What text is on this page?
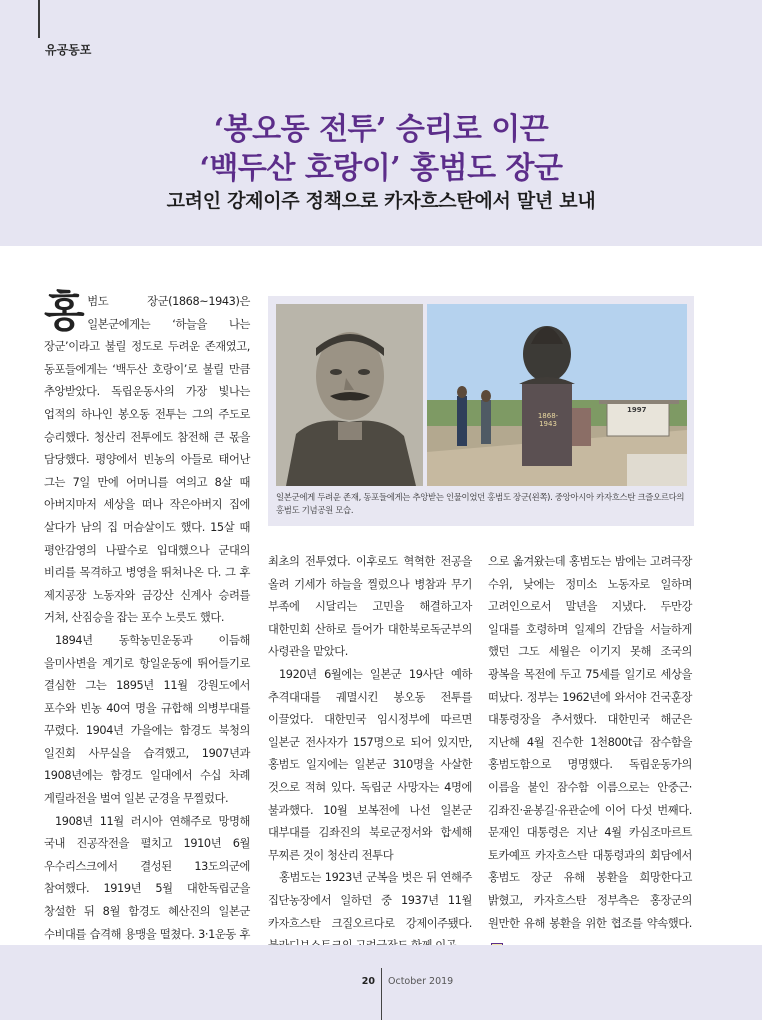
유공동포
‘봉오동 전투’ 승리로 이끈
‘백두산 호랑이’ 홍범도 장군
고려인 강제이주 정책으로 카자흐스탄에서 말년 보내

홍범도 장군(1868~1943)은 일본군에게는 ‘하늘을 나는 장군’이라고 불릴 정도로 두려운 존재였고, 동포들에게는 ‘백두산 호랑이’로 불릴 만큼 추앙받았다. 독립운동사의 가장 빛나는 업적의 하나인 봉오동 전투는 그의 주도로 승리했다. 청산리 전투에도 참전해 큰 몫을 담당했다. 평양에서 빈농의 아들로 태어난 그는 7일 만에 어머니를 여의고 8살 때 아버지마저 세상을 떠나 작은아버지 집에 살다가 남의 집 머슴살이도 했다. 15살 때 평안감영의 나팔수로 입대했으나 군대의 비리를 목격하고 병영을 뛰쳐나온 다. 그 후 제지공장 노동자와 금강산 신계사 승려를 거쳐, 산짐승을 잡는 포수 노릇도 했다.

1894년 동학농민운동과 이듬해 을미사변을 계기로 항일운동에 뛰어들기로 결심한 그는 1895년 11월 강원도에서 포수와 빈농 40여 명을 규합해 의병부대를 꾸렸다. 1904년 가을에는 함경도 북청의 일진회 사무실을 습격했고, 1907년과 1908년에는 함경도 일대에서 수십 차례 게릴라전을 벌여 일본 군경을 무찔렀다.

1908년 11월 러시아 연해주로 망명해 국내 진공작전을 펼치고 1910년 6월 우수리스크에서 결성된 13도의군에 참여했다. 1919년 5월 대한독립군을 창설한 뒤 8월 함경도 혜산진의 일본군 수비대를 습격해 용맹을 떨쳤다. 3·1운동 후

1868-1943
1997
일본군에게 두려운 존재, 동포들에게는 추앙받는 인물이었던 홍범도 장군(왼쪽). 중앙아시아 카자흐스탄 크즐오르다의 홍범도 기념공원 모습.

최초의 전투였다. 이후로도 혁혁한 전공을 올려 기세가 하늘을 찔렀으나 병참과 무기 부족에 시달리는 고민을 해결하고자 대한민회 산하로 들어가 대한북로독군부의 사령관을 맡았다.

1920년 6월에는 일본군 19사단 예하 추격대대를 궤멸시킨 봉오동 전투를 이끌었다. 대한민국 임시정부에 따르면 일본군 전사자가 157명으로 되어 있지만, 홍범도 일지에는 일본군 310명을 사살한 것으로 적혀 있다. 독립군 사망자는 4명에 불과했다. 10월 보복전에 나선 일본군 대부대를 김좌진의 북로군정서와 합세해 무찌른 것이 청산리 전투다

홍범도는 1923년 군복을 벗은 뒤 연해주 집단농장에서 일하던 중 1937년 11월 카자흐스탄 크질오르다로 강제이주됐다.

으로 옮겨왔는데 홍범도는 밤에는 고려극장 수위, 낮에는 정미소 노동자로 일하며 고려인으로서 말년을 지냈다. 두만강 일대를 호령하며 일제의 간담을 서늘하게 했던 그도 세월은 이기지 못해 조국의 광복을 목전에 두고 75세를 일기로 세상을 떠났다. 정부는 1962년에 와서야 건국훈장 대통령장을 추서했다. 대한민국 해군은 지난해 4월 진수한 1천800t급 잠수함을 홍범도함으로 명명했다. 독립운동가의 이름을 붙인 잠수함 이름으로는 안중근·김좌진·윤봉길·유관순에 이어 다섯 번째다. 문재인 대통령은 지난 4월 카심조마르트 토카예프 카자흐스탄 대통령과의 회담에서 홍범도 장군 유해 봉환을 희망한다고 밝혔고, 카자흐스탄 정부측은 홍장군의 원만한 유해 봉환을 위한 협조를 약속했다.

20 October 2019
